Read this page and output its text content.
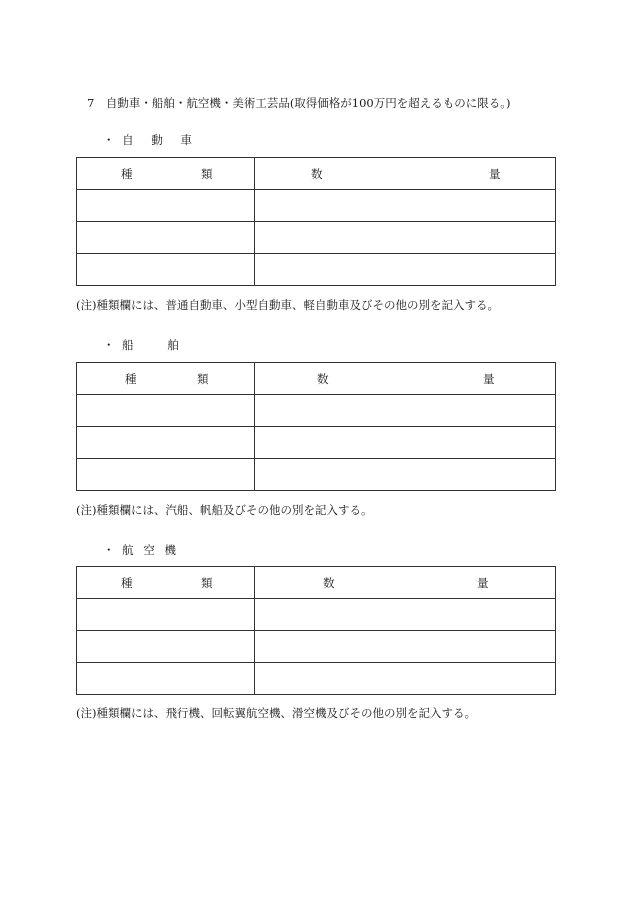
7　自動車・船舶・航空機・美術工芸品(取得価格が100万円を超えるものに限る。)
・ 自 動 車
種 類	数 量

(注)種類欄には、普通自動車、小型自動車、軽自動車及びその他の別を記入する。
・ 船	舶
種 類	数 量

(注)種類欄には、汽船、帆船及びその他の別を記入する。
・ 航 空 機
種 類	数 量

(注)種類欄には、飛行機、回転翼航空機、滑空機及びその他の別を記入する。
